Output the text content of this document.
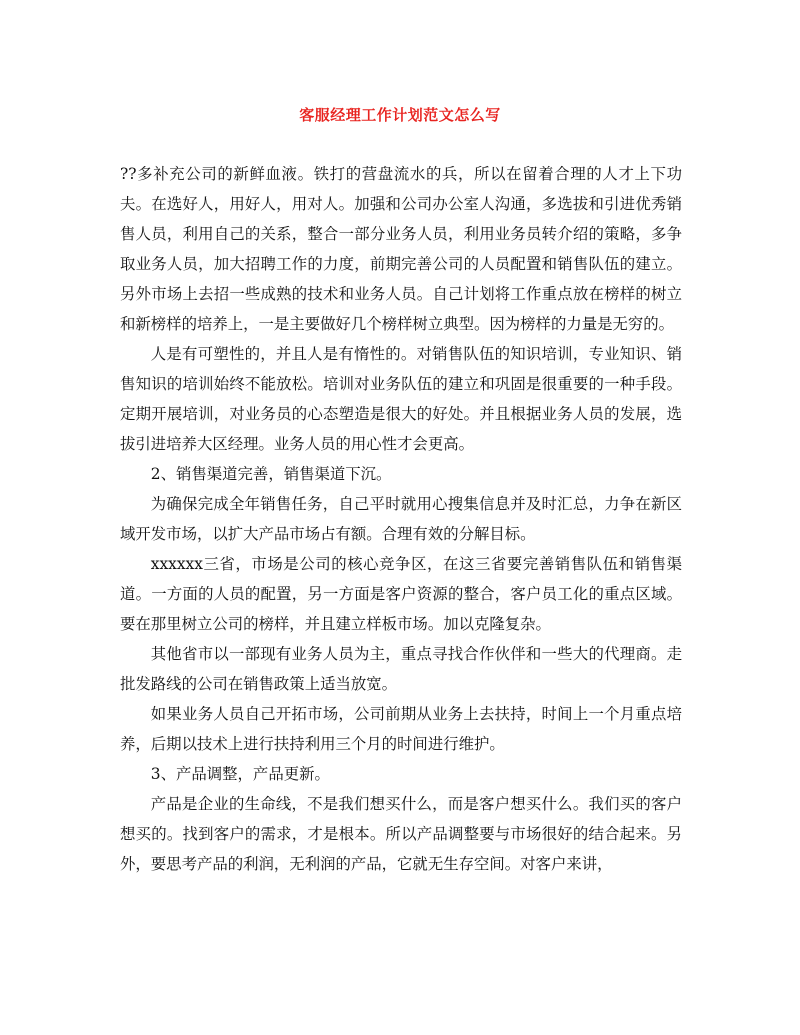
客服经理工作计划范文怎么写

??多补充公司的新鲜血液。铁打的营盘流水的兵，所以在留着合理的人才上下功夫。在选好人，用好人，用对人。加强和公司办公室人沟通，多选拔和引进优秀销售人员，利用自己的关系，整合一部分业务人员，利用业务员转介绍的策略，多争取业务人员，加大招聘工作的力度，前期完善公司的人员配置和销售队伍的建立。另外市场上去招一些成熟的技术和业务人员。自己计划将工作重点放在榜样的树立和新榜样的培养上，一是主要做好几个榜样树立典型。因为榜样的力量是无穷的。

人是有可塑性的，并且人是有惰性的。对销售队伍的知识培训，专业知识、销售知识的培训始终不能放松。培训对业务队伍的建立和巩固是很重要的一种手段。定期开展培训，对业务员的心态塑造是很大的好处。并且根据业务人员的发展，选拔引进培养大区经理。业务人员的用心性才会更高。

2、销售渠道完善，销售渠道下沉。

为确保完成全年销售任务，自己平时就用心搜集信息并及时汇总，力争在新区域开发市场，以扩大产品市场占有额。合理有效的分解目标。

xxxxxx三省，市场是公司的核心竞争区，在这三省要完善销售队伍和销售渠道。一方面的人员的配置，另一方面是客户资源的整合，客户员工化的重点区域。要在那里树立公司的榜样，并且建立样板市场。加以克隆复杂。

其他省市以一部现有业务人员为主，重点寻找合作伙伴和一些大的代理商。走批发路线的公司在销售政策上适当放宽。

如果业务人员自己开拓市场，公司前期从业务上去扶持，时间上一个月重点培养，后期以技术上进行扶持利用三个月的时间进行维护。

3、产品调整，产品更新。

产品是企业的生命线，不是我们想买什么，而是客户想买什么。我们买的客户想买的。找到客户的需求，才是根本。所以产品调整要与市场很好的结合起来。另外，要思考产品的利润，无利润的产品，它就无生存空间。对客户来讲，
